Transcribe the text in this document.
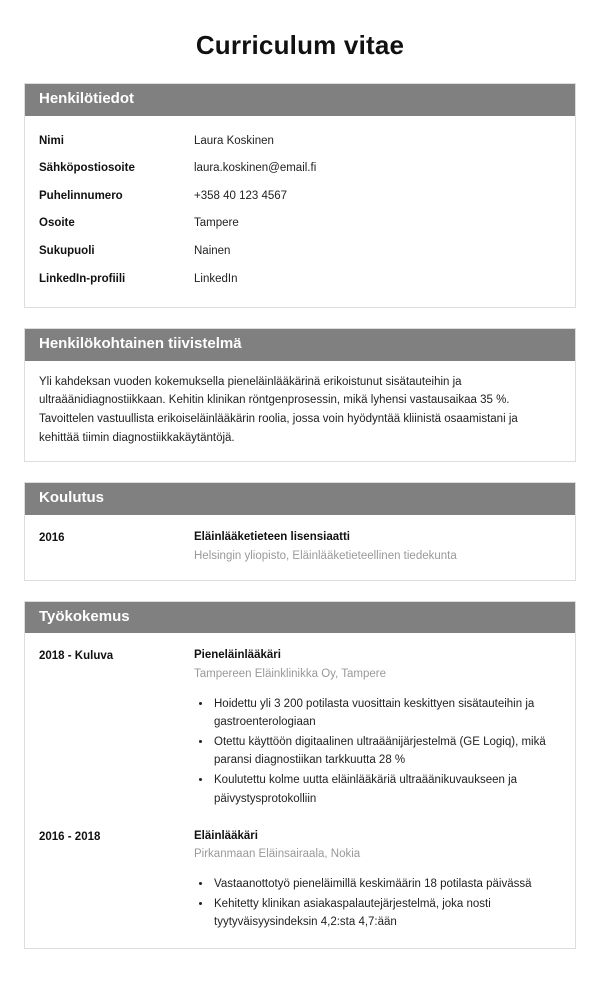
Curriculum vitae
Henkilötiedot
Nimi	Laura Koskinen
Sähköpostiosoite	laura.koskinen@email.fi
Puhelinnumero	+358 40 123 4567
Osoite	Tampere
Sukupuoli	Nainen
LinkedIn-profiili	LinkedIn
Henkilökohtainen tiivistelmä

Yli kahdeksan vuoden kokemuksella pieneläinlääkärinä erikoistunut sisätauteihin ja ultraäänidiagnostiikkaan. Kehitin klinikan röntgenprosessin, mikä lyhensi vastausaikaa 35 %. Tavoittelen vastuullista erikoiseläinlääkärin roolia, jossa voin hyödyntää kliinistä osaamistani ja kehittää tiimin diagnostiikkakäytäntöjä.

Koulutus
2016	Eläinlääketieteen lisensiaatti
Helsingin yliopisto, Eläinlääketieteellinen tiedekunta
Työkokemus
2018 - Kuluva	Pieneläinlääkäri
Tampereen Eläinklinikka Oy, Tampere
• Hoidettu yli 3 200 potilasta vuosittain keskittyen sisätauteihin ja gastroenterologiaan
• Otettu käyttöön digitaalinen ultraäänijärjestelmä (GE Logiq), mikä paransi diagnostiikan tarkkuutta 28 %
• Koulutettu kolme uutta eläinlääkäriä ultraäänikuvaukseen ja päivystysprotokolliin
2016 - 2018	Eläinlääkäri
Pirkanmaan Eläinsairaala, Nokia
• Vastaanottotyö pieneläimillä keskimäärin 18 potilasta päivässä
• Kehitetty klinikan asiakaspalautejärjestelmä, joka nosti tyytyväisyysindeksin 4,2:sta 4,7:ään
